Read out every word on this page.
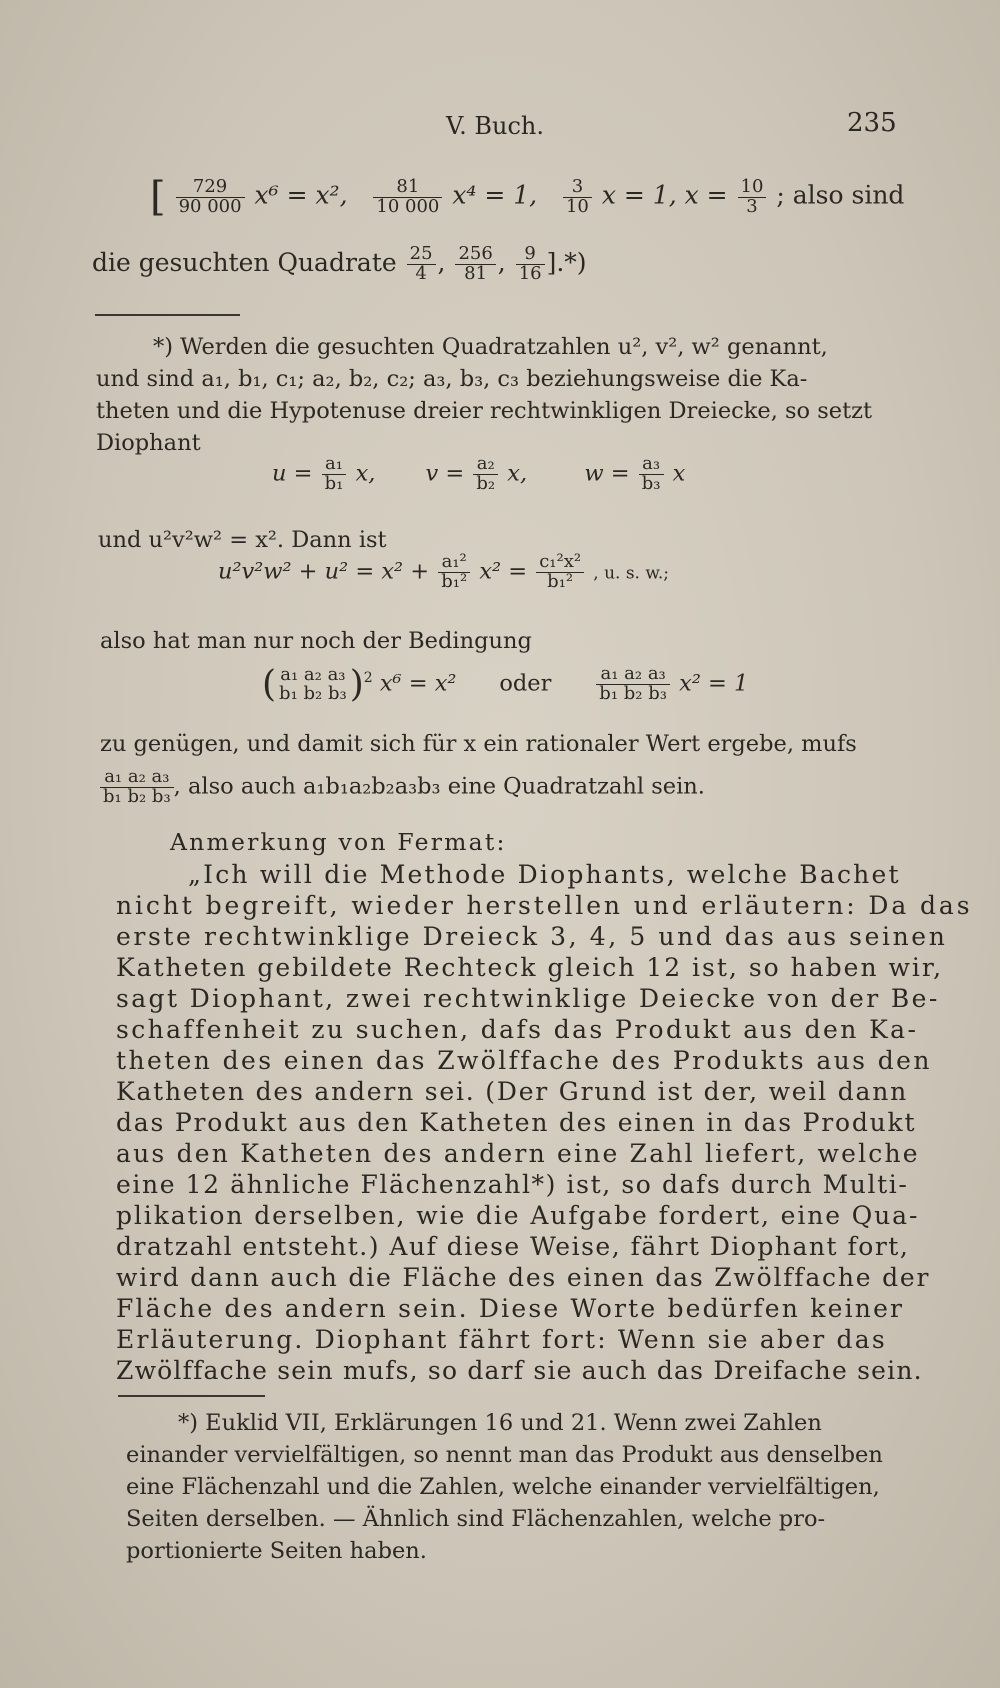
V. Buch.	235
[ $\frac{729}{90 000} x^6 = x^2$, $\frac{81}{10 000} x^4 = 1$, $\frac{3}{10}$ x = 1, $x = \frac{10}{3}$ ; also sind
die gesuchten Quadrate $\frac{25}{4}$ , $\frac{256}{81}$ , $\frac{9}{16}$ ].*)
*) Werden die gesuchten Quadratzahlen u², v², w² genannt,
und sind a₁, b₁, c₁; a₂, b₂, c₂; a₃, b₃, c₃ beziehungsweise die Ka-
theten und die Hypotenuse dreier rechtwinkligen Dreiecke, so setzt
Diophant
$u = \frac{\text{a₁}}{\text{b₁}} x$, $v = \frac{\text{a₂}}{\text{b₂}} x$,	$w = \frac{\text{a₃}}{\text{b₃}}$ x
und u²v²w² = x². Dann ist
$u^2v^2w^2 + u^2 = x^2 + \frac{\text{a₁²}}{\text{b₁²}} x^2 = \frac{\text{c₁²x²}}{\text{b₁²}}$ , u. s. w.;
also hat man nur noch der Bedingung
( a₁ a₂ a₃
b₁ b₂ b₃ )$^2$ x⁶ = x² oder $\frac{\text{a₁ a₂ a₃}}{\text{b₁ b₂ b₃}} x^2 = 1$
zu genügen, und damit sich für x ein rationaler Wert ergebe, mufs
$\frac{\text{a₁ a₂ a₃}}{\text{b₁ b₂ b₃}}$ , also auch a₁b₁a₂b₂a₃b₃ eine Quadratzahl sein.
Anmerkung von Fermat:
„Ich will die Methode Diophants, welche Bachet
nicht begreift, wieder herstellen und erläutern: Da das
erste rechtwinklige Dreieck 3, 4, 5 und das aus seinen
Katheten gebildete Rechteck gleich 12 ist, so haben wir,
sagt Diophant, zwei rechtwinklige Deiecke von der Be-
schaffenheit zu suchen, dafs das Produkt aus den Ka-
theten des einen das Zwölffache des Produkts aus den
Katheten des andern sei. (Der Grund ist der, weil dann
das Produkt aus den Katheten des einen in das Produkt
aus den Katheten des andern eine Zahl liefert, welche
eine 12 ähnliche Flächenzahl*) ist, so dafs durch Multi-
plikation derselben, wie die Aufgabe fordert, eine Qua-
dratzahl entsteht.) Auf diese Weise, fährt Diophant fort,
wird dann auch die Fläche des einen das Zwölffache der
Fläche des andern sein. Diese Worte bedürfen keiner
Erläuterung. Diophant fährt fort: Wenn sie aber das
Zwölffache sein mufs, so darf sie auch das Dreifache sein.
*) Euklid VII, Erklärungen 16 und 21. Wenn zwei Zahlen
einander vervielfältigen, so nennt man das Produkt aus denselben
eine Flächenzahl und die Zahlen, welche einander vervielfältigen,
Seiten derselben. — Ähnlich sind Flächenzahlen, welche pro-
portionierte Seiten haben.
